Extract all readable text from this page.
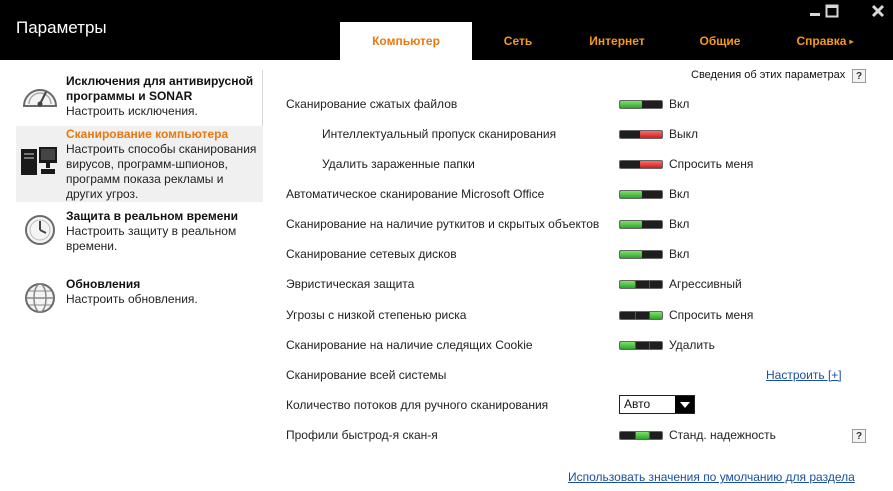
Параметры
Компьютер	Сеть	Интернет	Общие	Справка ▸
Исключения для антивирусной программы и SONAR
Настроить исключения.
Сканирование компьютера
Настроить способы сканирования вирусов, программ-шпионов, программ показа рекламы и других угроз.
Защита в реальном времени
Настроить защиту в реальном времени.
Обновления
Настроить обновления.
Сведения об этих параметрах	?
Сканирование сжатых файлов	Вкл
Интеллектуальный пропуск сканирования	Выкл
Удалить зараженные папки	Спросить меня
Автоматическое сканирование Microsoft Office	Вкл
Сканирование на наличие руткитов и скрытых объектов	Вкл
Сканирование сетевых дисков	Вкл
Эвристическая защита	Агрессивный
Угрозы с низкой степенью риска	Спросить меня
Сканирование на наличие следящих Cookie	Удалить
Сканирование всей системы	Настроить [+]
Количество потоков для ручного сканирования	Авто
Профили быстрод-я скан-я	Станд. надежность	?
Использовать значения по умолчанию для раздела
